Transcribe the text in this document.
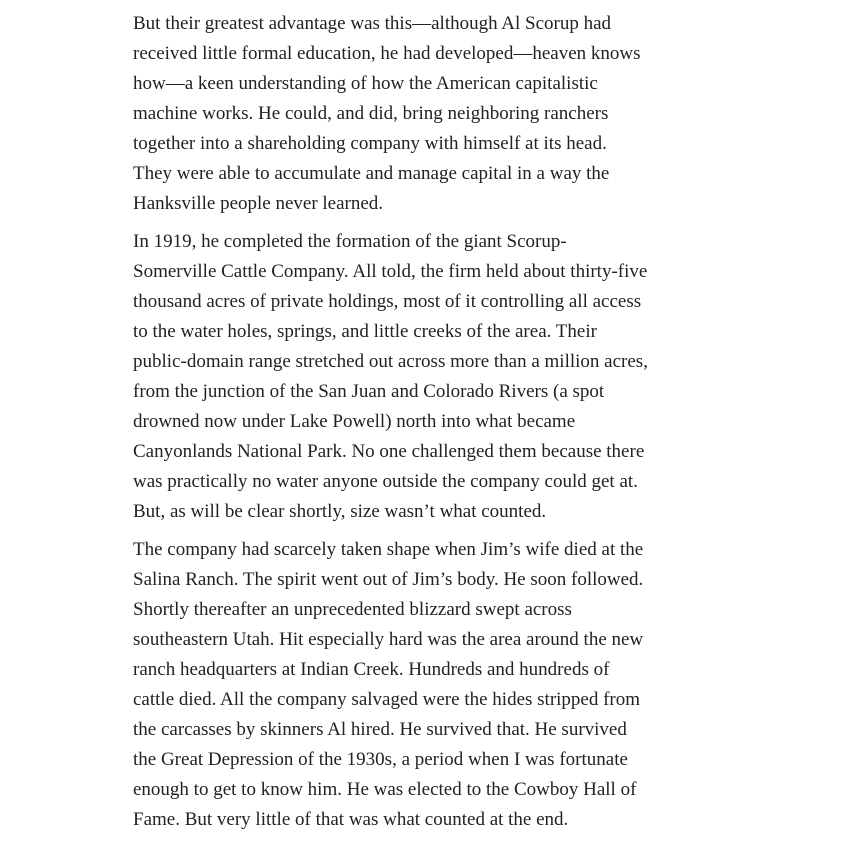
But their greatest advantage was this—although Al Scorup had
received little formal education, he had developed—heaven knows
how—a keen understanding of how the American capitalistic
machine works. He could, and did, bring neighboring ranchers
together into a shareholding company with himself at its head.
They were able to accumulate and manage capital in a way the
Hanksville people never learned.

In 1919, he completed the formation of the giant Scorup-
Somerville Cattle Company. All told, the firm held about thirty-five
thousand acres of private holdings, most of it controlling all access
to the water holes, springs, and little creeks of the area. Their
public-domain range stretched out across more than a million acres,
from the junction of the San Juan and Colorado Rivers (a spot
drowned now under Lake Powell) north into what became
Canyonlands National Park. No one challenged them because there
was practically no water anyone outside the company could get at.
But, as will be clear shortly, size wasn’t what counted.

The company had scarcely taken shape when Jim’s wife died at the
Salina Ranch. The spirit went out of Jim’s body. He soon followed.
Shortly thereafter an unprecedented blizzard swept across
southeastern Utah. Hit especially hard was the area around the new
ranch headquarters at Indian Creek. Hundreds and hundreds of
cattle died. All the company salvaged were the hides stripped from
the carcasses by skinners Al hired. He survived that. He survived
the Great Depression of the 1930s, a period when I was fortunate
enough to get to know him. He was elected to the Cowboy Hall of
Fame. But very little of that was what counted at the end.
